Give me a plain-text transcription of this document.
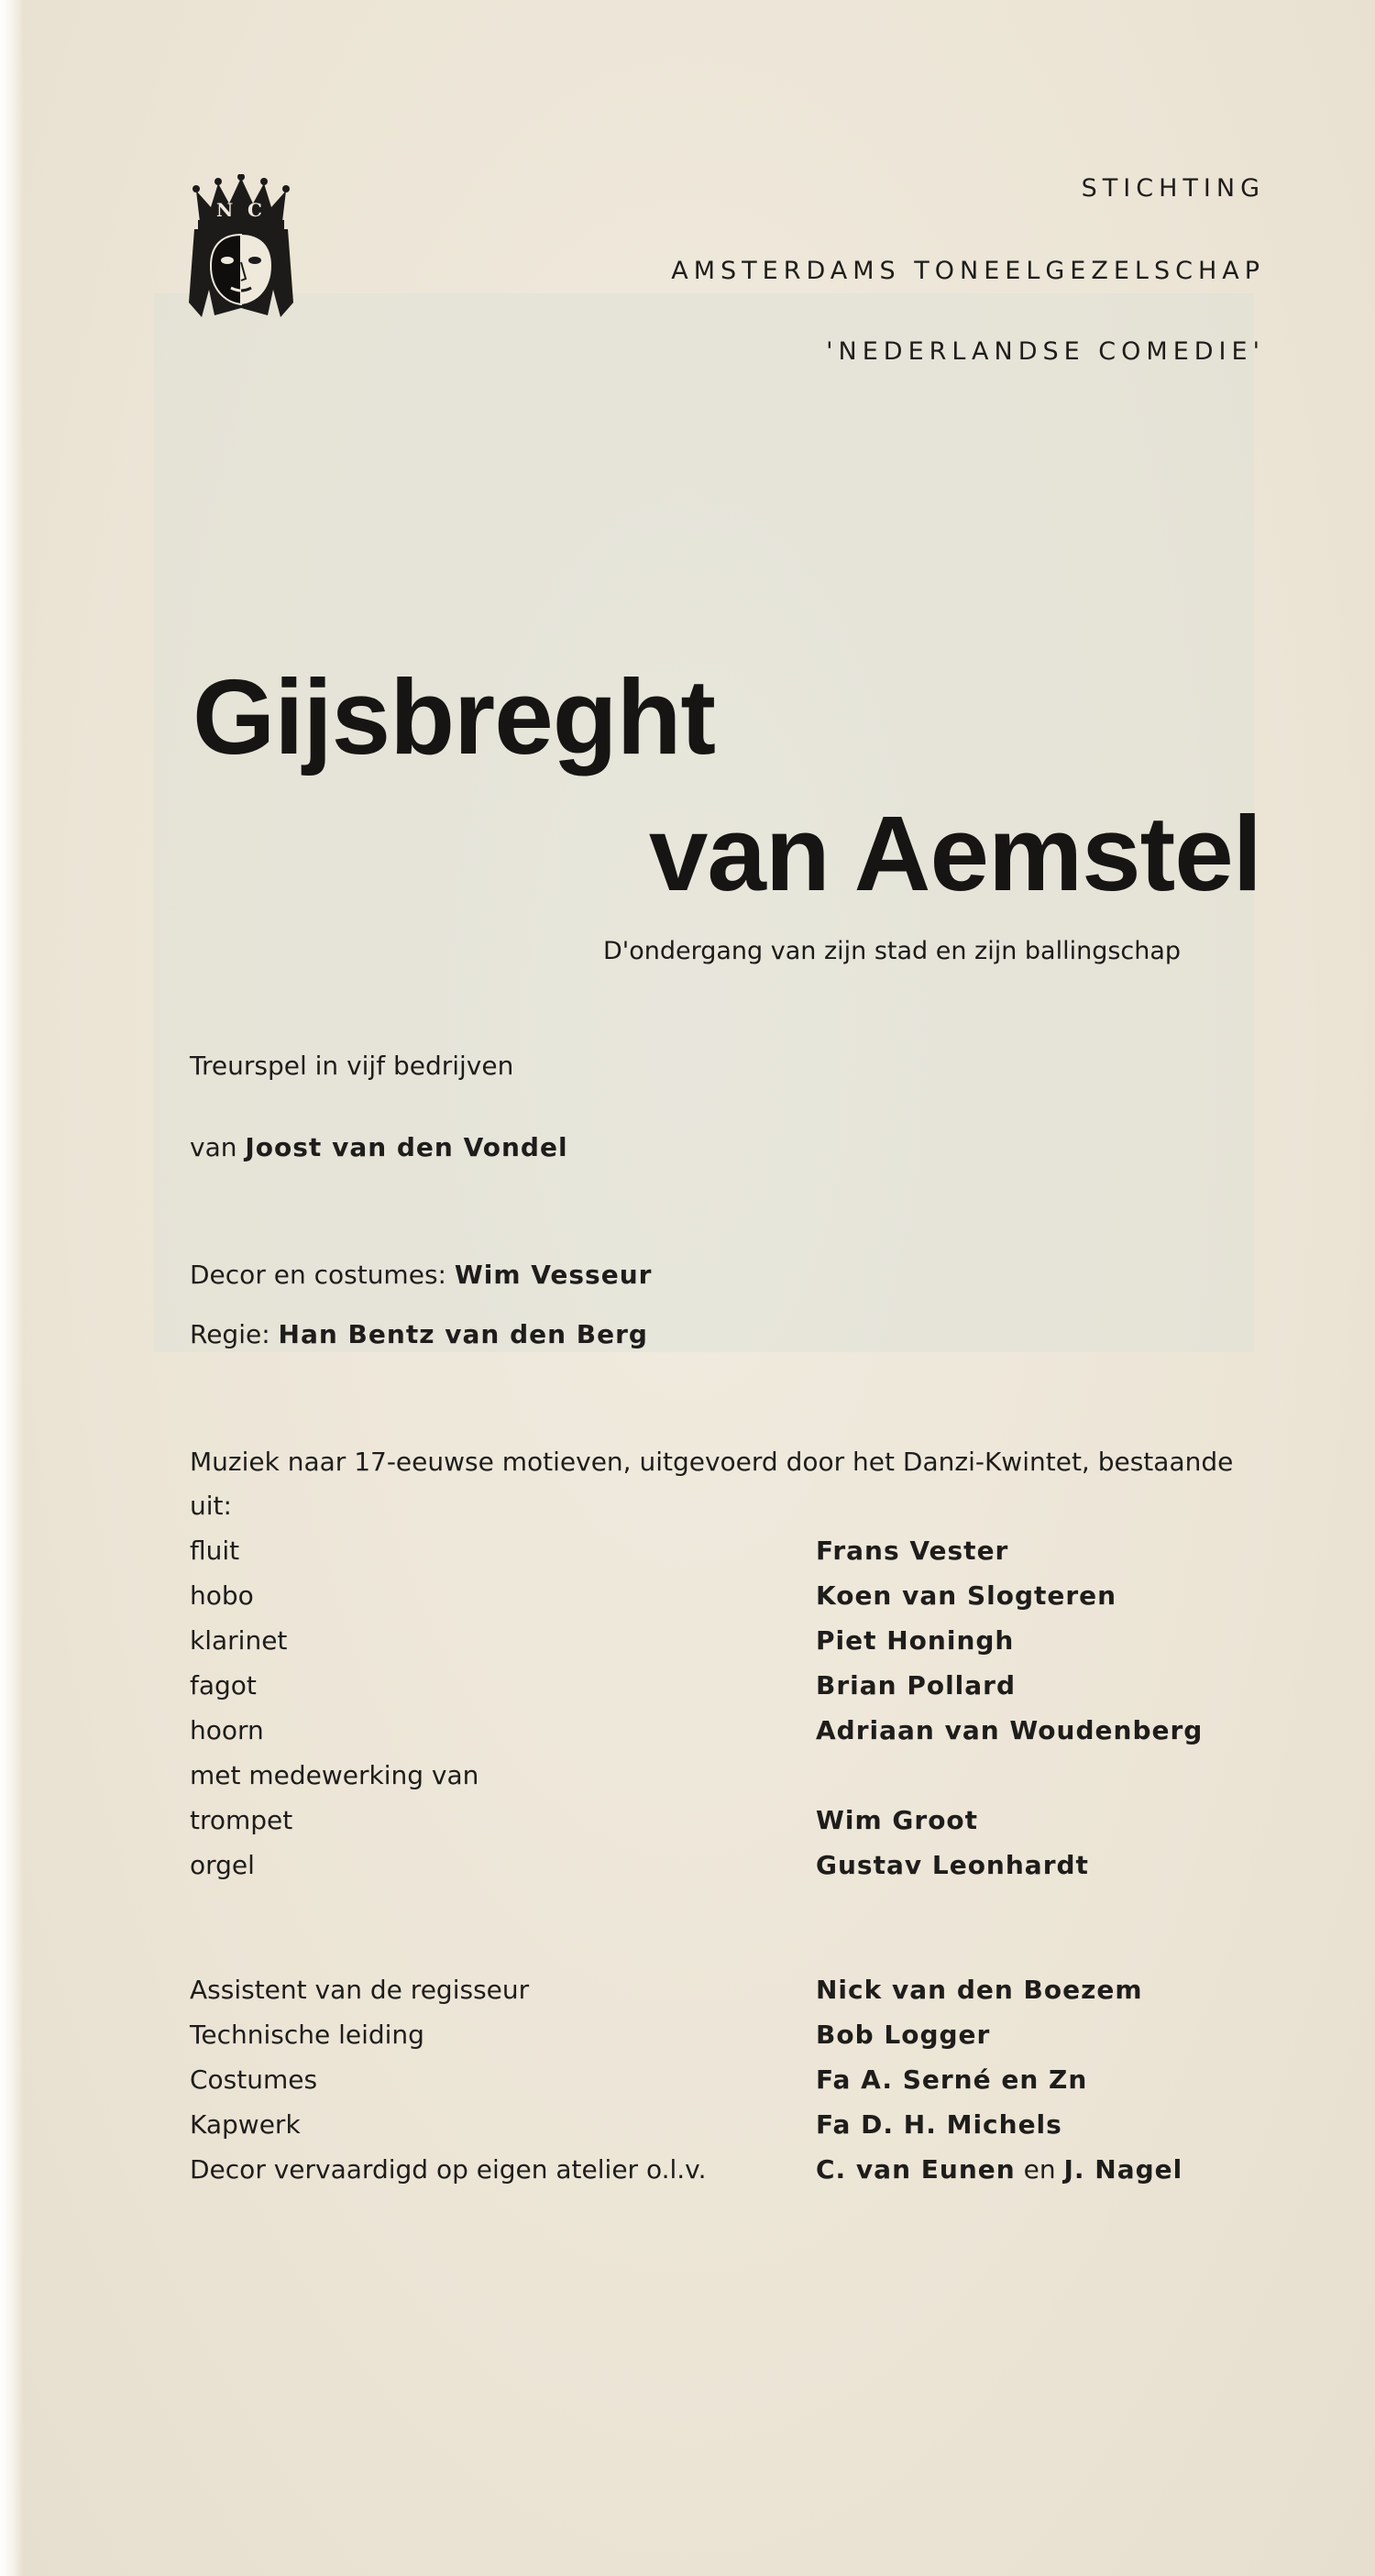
N C
STICHTING
AMSTERDAMS TONEELGEZELSCHAP
'NEDERLANDSE COMEDIE'
Gijsbreght
van Aemstel
D'ondergang van zijn stad en zijn ballingschap
Treurspel in vijf bedrijven
van Joost van den Vondel
Decor en costumes: Wim Vesseur
Regie: Han Bentz van den Berg
Muziek naar 17-eeuwse motieven, uitgevoerd door het Danzi-Kwintet, bestaande
uit:
fluit	Frans Vester
hobo	Koen van Slogteren
klarinet	Piet Honingh
fagot	Brian Pollard
hoorn	Adriaan van Woudenberg
met medewerking van
trompet	Wim Groot
orgel	Gustav Leonhardt
Assistent van de regisseur	Nick van den Boezem
Technische leiding	Bob Logger
Costumes	Fa A. Serné en Zn
Kapwerk	Fa D. H. Michels
Decor vervaardigd op eigen atelier o.l.v.	C. van Eunen en J. Nagel
